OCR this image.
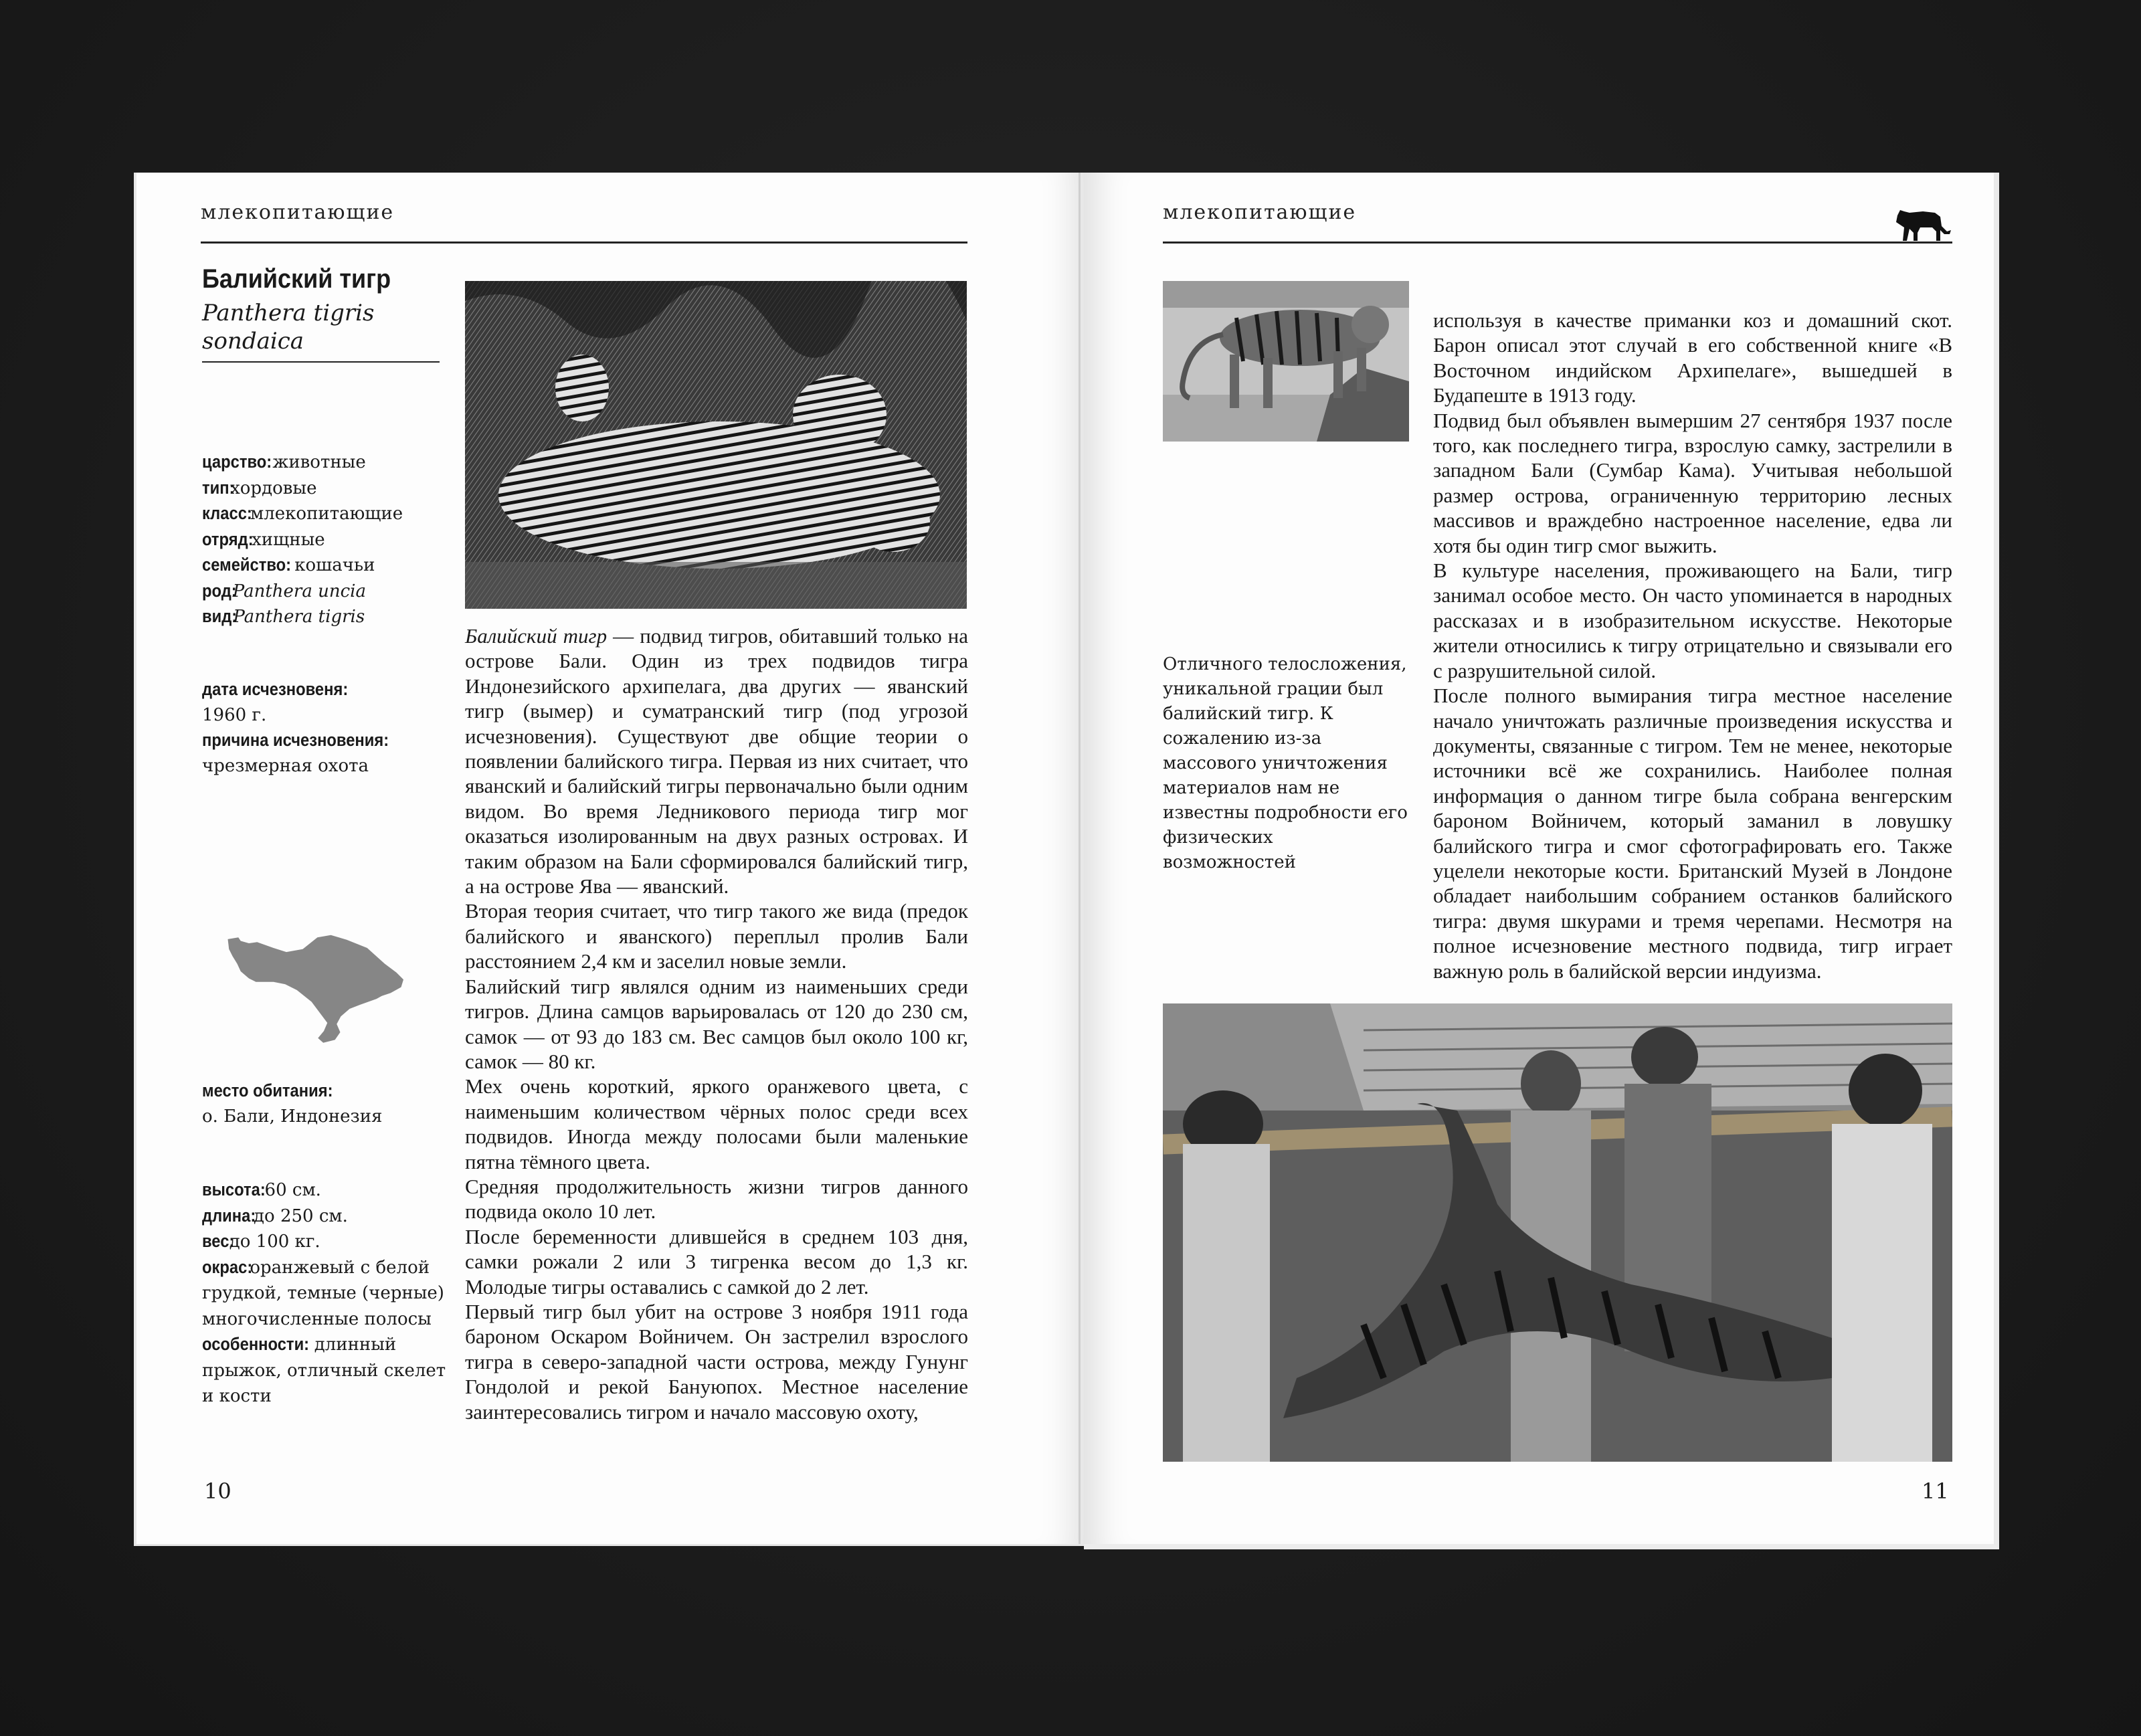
млекопитающие
Балийский тигр
Panthera tigris
sondaica
царство: животные
тип: хордовые
класс: млекопитающие
отряд: хищные
семейство: кошачьи
род: Panthera uncia
вид: Panthera tigris
дата исчезновеня:
1960 г.
причина исчезновения:
чрезмерная охота
место обитания:
о. Бали, Индонезия
высота: 60 см.
длина: до 250 см.
вес: до 100 кг.
окрас: оранжевый с белой
грудкой, темные (черные)
многочисленные полосы
особенности: длинный
прыжок, отличный скелет
и кости

Балийский тигр — подвид тигров, обитавший только на острове Бали. Один из трех подвидов тигра Индонезийского архипелага, два других — яванский тигр (вымер) и суматранский тигр (под угрозой исчезновения). Существуют две общие теории о появлении балийского тигра. Первая из них считает, что яванский и балийский тигры первоначально были одним видом. Во время Ледникового периода тигр мог оказаться изолированным на двух разных островах. И таким образом на Бали сформировался балийский тигр, а на острове Ява — яванский.

Вторая теория считает, что тигр такого же вида (предок балийского и яванского) переплыл пролив Бали расстоянием 2,4 км и заселил новые земли.

Балийский тигр являлся одним из наименьших среди тигров. Длина самцов варьировалась от 120 до 230 см, самок — от 93 до 183 см. Вес самцов был около 100 кг, самок — 80 кг.

Мех очень короткий, яркого оранжевого цвета, с наименьшим количеством чёрных полос среди всех подвидов. Иногда между полосами были маленькие пятна тёмного цвета.

Средняя продолжительность жизни тигров данного подвида около 10 лет.

После беременности длившейся в среднем 103 дня, самки рожали 2 или 3 тигренка весом до 1,3 кг. Молодые тигры оставались с самкой до 2 лет.

Первый тигр был убит на острове 3 ноября 1911 года бароном Оскаром Войничем. Он застрелил взрослого тигра в северо-западной части острова, между Гунунг Гондолой и рекой Бануюпох. Местное население заинтересовались тигром и начало массовую охоту,

10
млекопитающие
Отличного телосложения, уникальной грации был балийский тигр. К сожалению из-за массового уничтожения материалов нам не известны подробности его физических возможностей

используя в качестве приманки коз и домашний скот. Барон описал этот случай в его собственной книге «В Восточном индийском Архипелаге», вышедшей в Будапеште в 1913 году.

Подвид был объявлен вымершим 27 сентября 1937 после того, как последнего тигра, взрослую самку, застрелили в западном Бали (Сумбар Кама). Учитывая небольшой размер острова, ограниченную территорию лесных массивов и враждебно настроенное население, едва ли хотя бы один тигр смог выжить.

В культуре населения, проживающего на Бали, тигр занимал особое место. Он часто упоминается в народных рассказах и в изобразительном искусстве. Некоторые жители относились к тигру отрицательно и связывали его с разрушительной силой.

После полного вымирания тигра местное население начало уничтожать различные произведения искусства и документы, связанные с тигром. Тем не менее, некоторые источники всё же сохранились. Наиболее полная информация о данном тигре была собрана венгерским бароном Войничем, который заманил в ловушку балийского тигра и смог сфотографировать его. Также уцелели некоторые кости. Британский Музей в Лондоне обладает наибольшим собранием останков балийского тигра: двумя шкурами и тремя черепами. Несмотря на полное исчезновение местного подвида, тигр играет важную роль в балийской версии индуизма.

11
